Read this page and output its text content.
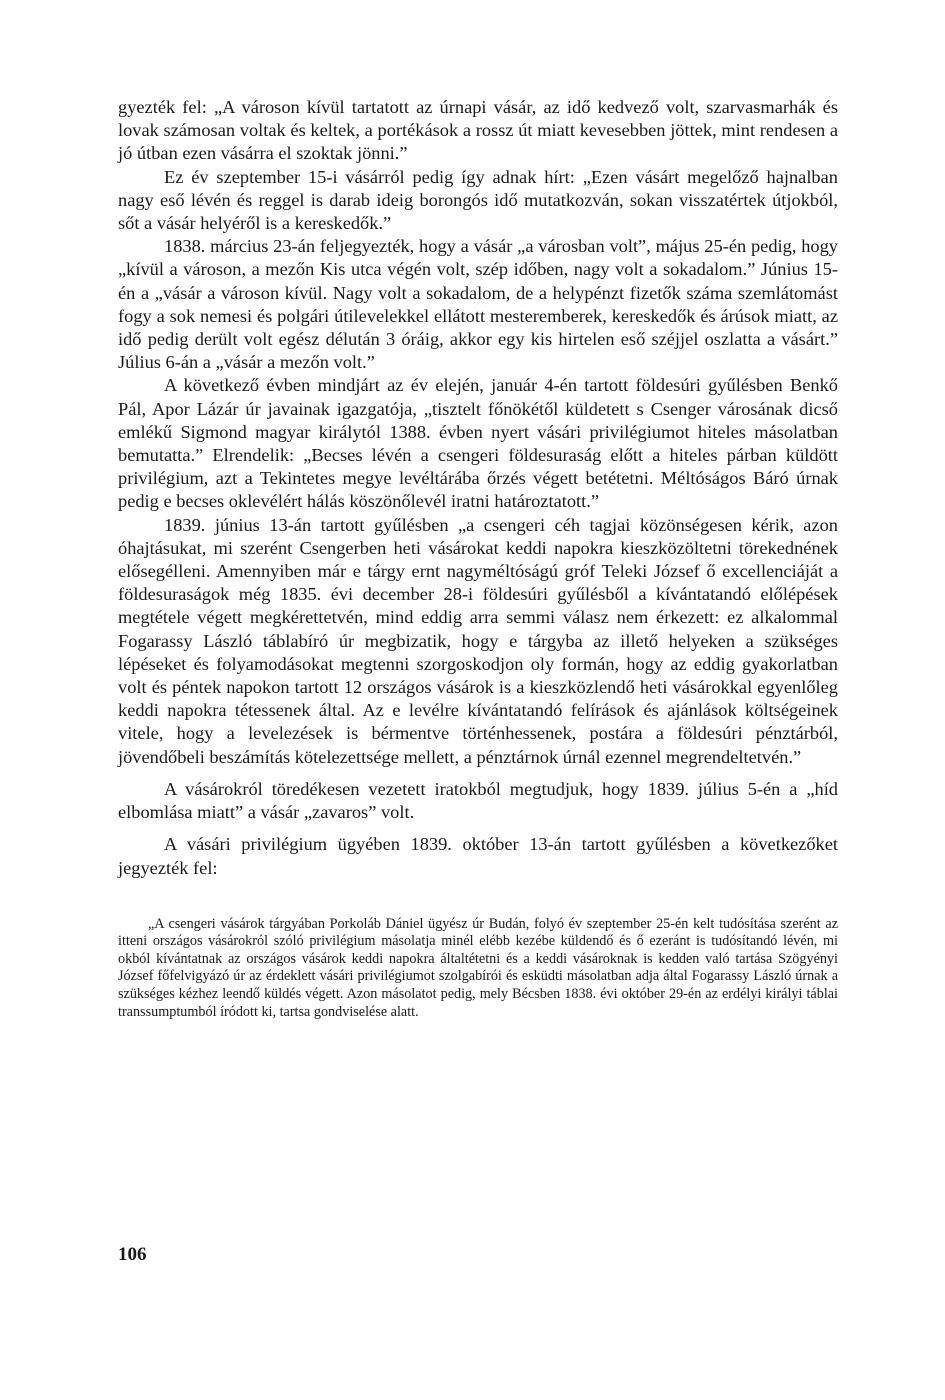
gyezték fel: „A városon kívül tartatott az úrnapi vásár, az idő kedvező volt, szarvasmarhák és lovak számosan voltak és keltek, a portékások a rossz út miatt kevesebben jöttek, mint rendesen a jó útban ezen vásárra el szoktak jönni.”

Ez év szeptember 15-i vásárról pedig így adnak hírt: „Ezen vásárt megelőző hajnalban nagy eső lévén és reggel is darab ideig borongós idő mutatkozván, sokan visszatértek útjokból, sőt a vásár helyéről is a kereskedők.”

1838. március 23-án feljegyezték, hogy a vásár „a városban volt”, május 25-én pedig, hogy „kívül a városon, a mezőn Kis utca végén volt, szép időben, nagy volt a sokadalom.” Június 15-én a „vásár a városon kívül. Nagy volt a sokadalom, de a helypénzt fizetők száma szemlátomást fogy a sok nemesi és polgári útilevelekkel ellátott mesteremberek, kereskedők és árúsok miatt, az idő pedig derült volt egész délután 3 óráig, akkor egy kis hirtelen eső széjjel oszlatta a vásárt.” Július 6-án a „vásár a mezőn volt.”

A következő évben mindjárt az év elején, január 4-én tartott földesúri gyűlésben Benkő Pál, Apor Lázár úr javainak igazgatója, „tisztelt főnökétől küldetett s Csenger városának dicső emlékű Sigmond magyar királytól 1388. évben nyert vásári privilégiumot hiteles másolatban bemutatta.” Elrendelik: „Becses lévén a csengeri földesuraság előtt a hiteles párban küldött privilégium, azt a Tekintetes megye levéltárába őrzés végett betétetni. Méltóságos Báró úrnak pedig e becses oklevélért hálás köszönőlevél iratni határoztatott.”

1839. június 13-án tartott gyűlésben „a csengeri céh tagjai közönségesen kérik, azon óhajtásukat, mi szerént Csengerben heti vásárokat keddi napokra kieszközöltetni törekednének elősegélleni. Amennyiben már e tárgy ernt nagyméltóságú gróf Teleki József ő excellenciáját a földesuraságok még 1835. évi december 28-i földesúri gyűlésből a kívántatandó előlépések megtétele végett megkérettetvén, mind eddig arra semmi válasz nem érkezett: ez alkalommal Fogarassy László táblabíró úr megbizatik, hogy e tárgyba az illető helyeken a szükséges lépéseket és folyamodásokat megtenni szorgoskodjon oly formán, hogy az eddig gyakorlatban volt és péntek napokon tartott 12 országos vásárok is a kieszközlendő heti vásárokkal egyenlőleg keddi napokra tétessenek által. Az e levélre kívántatandó felírások és ajánlások költségeinek vitele, hogy a levelezések is bérmentve történhessenek, postára a földesúri pénztárból, jövendőbeli beszámítás kötelezettsége mellett, a pénztárnok úrnál ezennel megrendeltetvén.”

A vásárokról töredékesen vezetett iratokból megtudjuk, hogy 1839. július 5-én a „híd elbomlása miatt” a vásár „zavaros” volt.

A vásári privilégium ügyében 1839. október 13-án tartott gyűlésben a következőket jegyezték fel:

„A csengeri vásárok tárgyában Porkoláb Dániel ügyész úr Budán, folyó év szeptember 25-én kelt tudósítása szerént az itteni országos vásárokról szóló privilégium másolatja minél elébb kezébe küldendő és ő ezeránt is tudósítandó lévén, mi okból kívántatnak az országos vásárok keddi napokra általtétetni és a keddi vásároknak is kedden való tartása Szögyényi József főfelvigyázó úr az érdeklett vásári privilégiumot szolgabírói és esküdti másolatban adja által Fogarassy László úrnak a szükséges kézhez leendő küldés végett. Azon másolatot pedig, mely Bécsben 1838. évi október 29-én az erdélyi királyi táblai transsumptumból íródott ki, tartsa gondviselése alatt.

106
